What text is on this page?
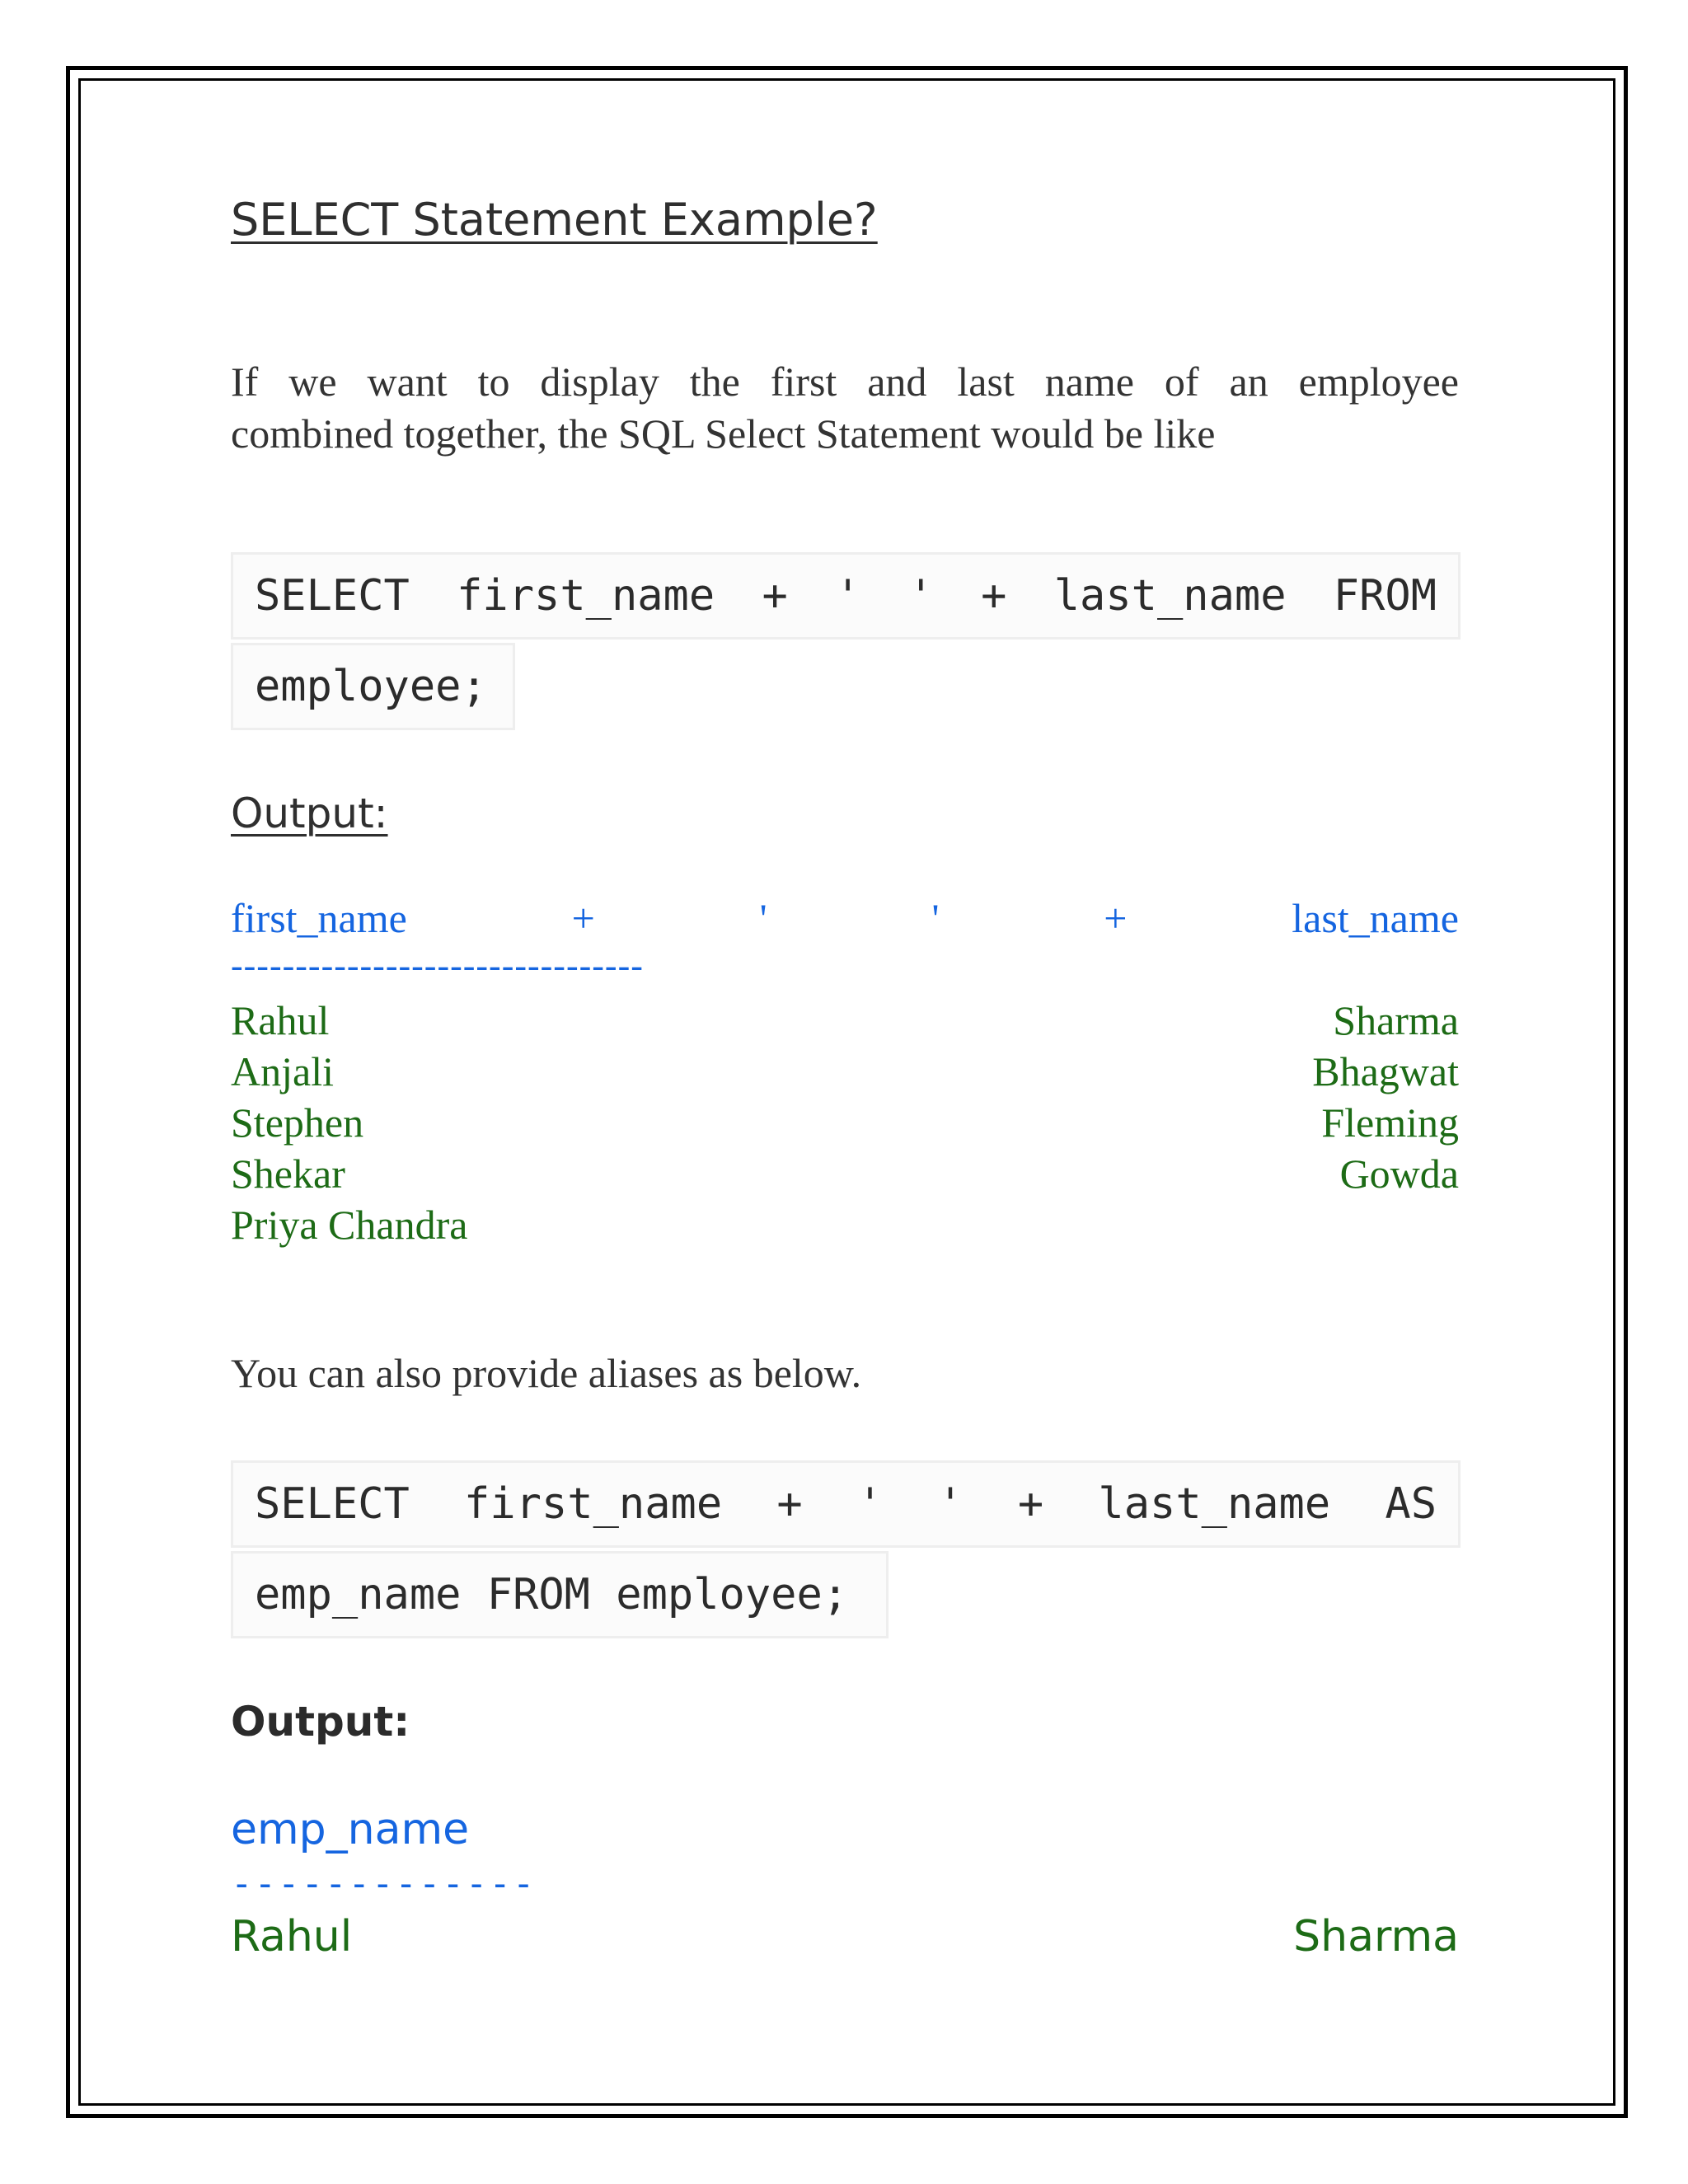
SELECT Statement Example?
If we want to display the first and last name of an employee
combined together, the SQL Select Statement would be like
SELECT first_name + ' ' + last_name FROM
employee;
Output:
first_name	+	'	'	+	last_name
--------------------------------
Rahul	Sharma
Anjali	Bhagwat
Stephen	Fleming
Shekar	Gowda
Priya Chandra
You can also provide aliases as below.
SELECT first_name + ' ' + last_name AS
emp_name FROM employee;
Output:
emp_name
-------------
Rahul	Sharma
